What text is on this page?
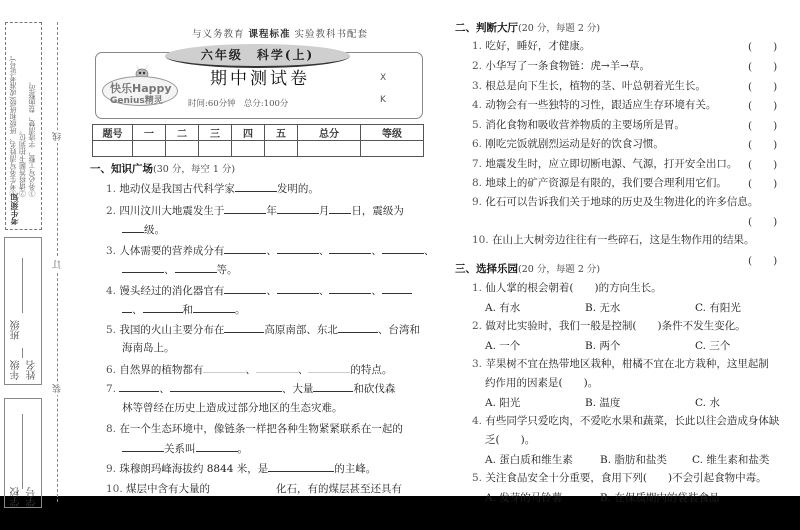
①考生务写清姓名、班级和班级(或准考证号)。 ②请将答题卡拍到位。 ③务必写工整，字迹清楚，卷面整洁。
考生须知
班级
年级 姓名
学校 学号
线
订
装
与义务教育 课程标准 实验教科书配套
六年级　科学(上)
快乐Happy
Genius精灵
期中测试卷
时间:60分钟 总分:100分
X
K
题号	一	二	三	四	五	总分	等级

一、知识广场(30 分，每空 1 分)
1. 地动仪是我国古代科学家	发明的。
2. 四川汶川大地震发生于	年	月 日，震级为
级。
3. 人体需要的营养成分有	、	、	、	、
、	等。
4. 馒头经过的消化器官有	、	、	、
、	和	。
5. 我国的火山主要分布在	高原南部、东北	、台湾和
海南岛上。
6. 自然界的植物都有	、	、	的特点。
7.	、	、大量	和砍伐森
林等曾经在历史上造成过部分地区的生态灾难。
8. 在一个生态环境中，像链条一样把各种生物紧紧联系在一起的
关系叫	。
9. 珠穆朗玛峰海拔约 8844 米，是	的主峰。
10. 煤层中含有大量的	化石，有的煤层甚至还具有
二、判断大厅(20 分，每题 2 分)
1. 吃好，睡好，才健康。	(　　)
2. 小华写了一条食物链：虎→羊→草。	(　　)
3. 根总是向下生长，植物的茎、叶总朝着光生长。	(　　)
4. 动物会有一些独特的习性，跟适应生存环境有关。	(　　)
5. 消化食物和吸收营养物质的主要场所是胃。	(　　)
6. 刚吃完饭就剧烈运动是好的饮食习惯。	(　　)
7. 地震发生时，应立即切断电源、气源，打开安全出口。 (　　)
8. 地球上的矿产资源是有限的，我们要合理利用它们。 (　　)
9. 化石可以告诉我们关于地球的历史及生物进化的许多信息。
(　　)
10. 在山上大树旁边往往有一些碎石，这是生物作用的结果。
(　　)
三、选择乐园(20 分，每题 2 分)
1. 仙人掌的根会朝着(　　)的方向生长。
A. 有水	B. 无水	C. 有阳光
2. 做对比实验时，我们一般是控制(　　)条件不发生变化。
A. 一个	B. 两个	C. 三个
3. 苹果树不宜在热带地区栽种，柑橘不宜在北方栽种，这里起制
约作用的因素是(　　)。
A. 阳光	B. 温度	C. 水
4. 有些同学只爱吃肉，不爱吃水果和蔬菜，长此以往会造成身体缺
乏(　　)。
A. 蛋白质和维生素	B. 脂肪和盐类 C. 维生素和盐类
5. 关注食品安全十分重要，食用下列(　　)不会引起食物中毒。
A. 发芽的马铃薯	B. 在保质期内的袋装食品
